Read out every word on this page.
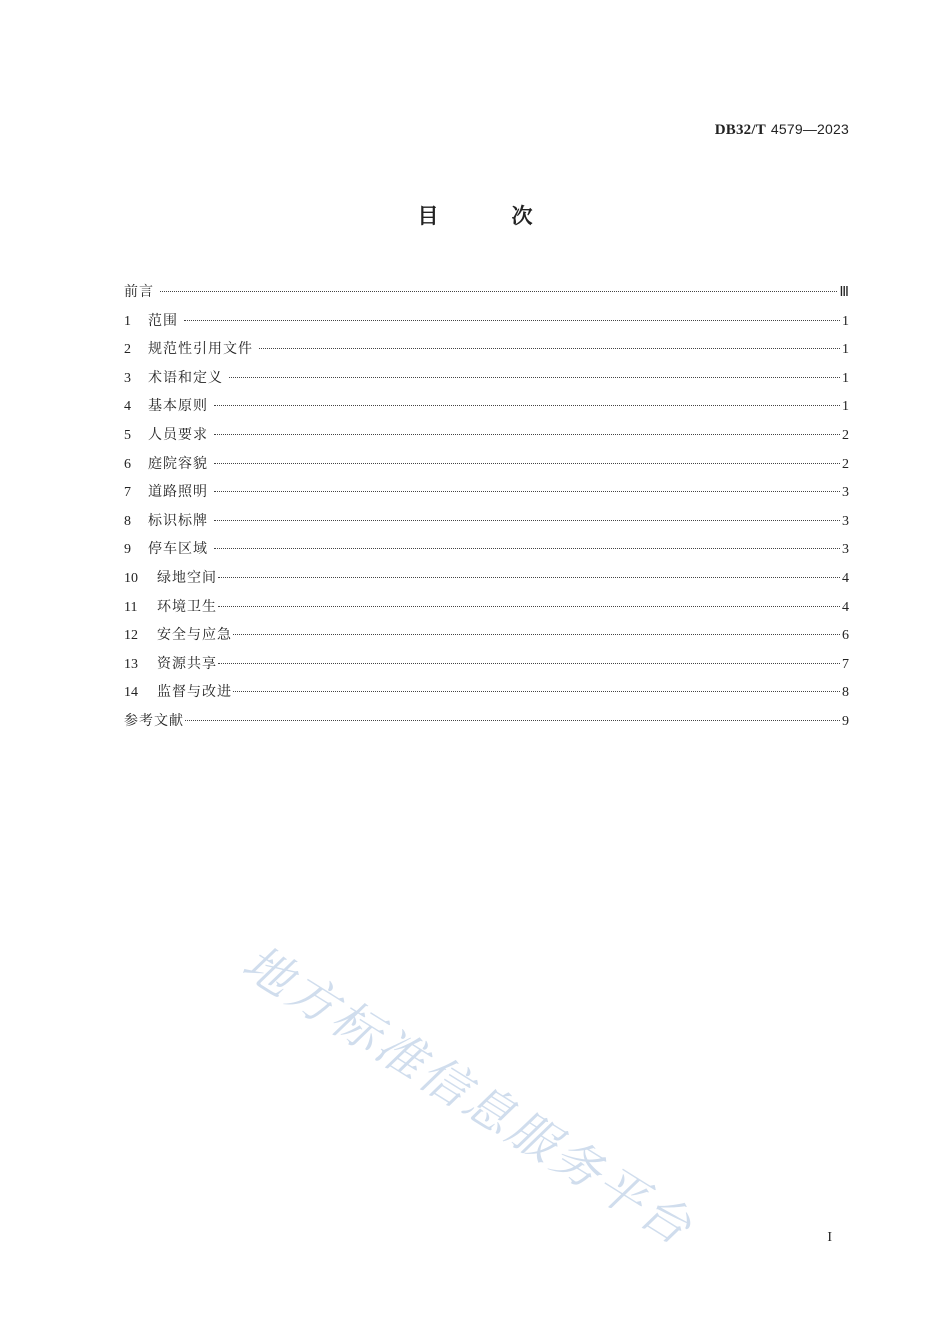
DB32/T 4579—2023
目　次
前言	Ⅲ
1	范围	1
2	规范性引用文件	1
3	术语和定义	1
4	基本原则	1
5	人员要求	2
6	庭院容貌	2
7	道路照明	3
8	标识标牌	3
9	停车区域	3
10	绿地空间	4
11	环境卫生	4
12	安全与应急	6
13	资源共享	7
14	监督与改进	8
参考文献	9
地方标准信息服务平台	I
